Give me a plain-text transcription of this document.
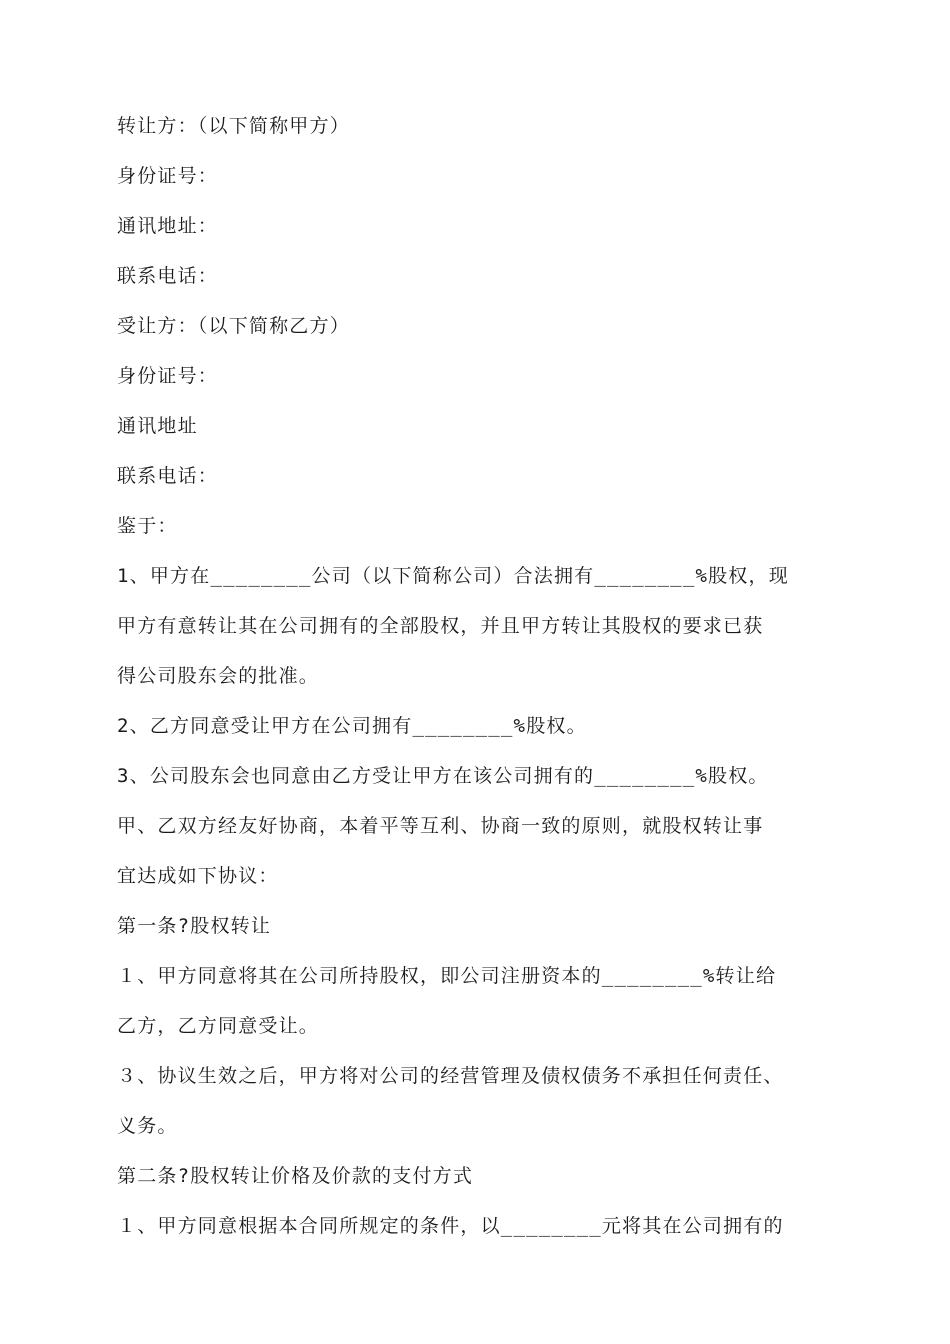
转让方：（以下简称甲方）
身份证号：
通讯地址：
联系电话：
受让方：（以下简称乙方）
身份证号：
通讯地址
联系电话：
鉴于：
1、甲方在________公司（以下简称公司）合法拥有________%股权，现
甲方有意转让其在公司拥有的全部股权，并且甲方转让其股权的要求已获
得公司股东会的批准。
2、乙方同意受让甲方在公司拥有________%股权。
3、公司股东会也同意由乙方受让甲方在该公司拥有的________%股权。
甲、乙双方经友好协商，本着平等互利、协商一致的原则，就股权转让事
宜达成如下协议：
第一条?股权转让
１、甲方同意将其在公司所持股权，即公司注册资本的________%转让给
乙方，乙方同意受让。
３、协议生效之后，甲方将对公司的经营管理及债权债务不承担任何责任、
义务。
第二条?股权转让价格及价款的支付方式
１、甲方同意根据本合同所规定的条件，以________元将其在公司拥有的
